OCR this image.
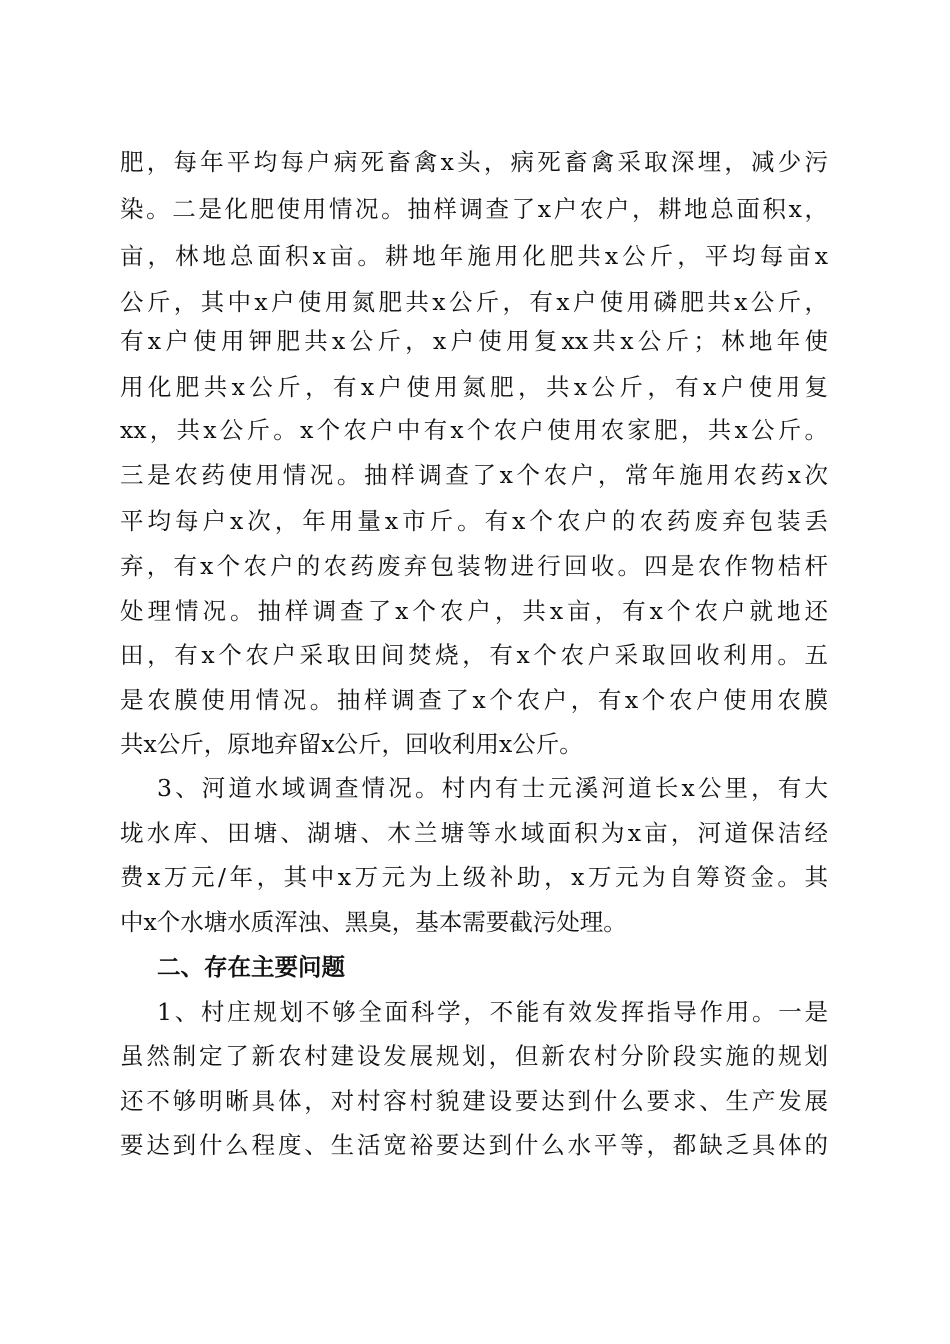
肥，每年平均每户病死畜禽x头，病死畜禽采取深埋，减少污
染。二是化肥使用情况。抽样调查了x户农户，耕地总面积x，
亩，林地总面积x亩。耕地年施用化肥共x公斤，平均每亩x
公斤，其中x户使用氮肥共x公斤，有x户使用磷肥共x公斤，
有x户使用钾肥共x公斤，x户使用复xx共x公斤；林地年使
用化肥共x公斤，有x户使用氮肥，共x公斤，有x户使用复
xx，共x公斤。x个农户中有x个农户使用农家肥，共x公斤。
三是农药使用情况。抽样调查了x个农户，常年施用农药x次
平均每户x次，年用量x市斤。有x个农户的农药废弃包装丢
弃，有x个农户的农药废弃包装物进行回收。四是农作物桔杆
处理情况。抽样调查了x个农户，共x亩，有x个农户就地还
田，有x个农户采取田间焚烧，有x个农户采取回收利用。五
是农膜使用情况。抽样调查了x个农户，有x个农户使用农膜
共x公斤，原地弃留x公斤，回收利用x公斤。
3、河道水域调查情况。村内有士元溪河道长x公里，有大
垅水库、田塘、湖塘、木兰塘等水域面积为x亩，河道保洁经
费x万元/年，其中x万元为上级补助，x万元为自筹资金。其
中x个水塘水质浑浊、黑臭，基本需要截污处理。
二、存在主要问题
1、村庄规划不够全面科学，不能有效发挥指导作用。一是
虽然制定了新农村建设发展规划，但新农村分阶段实施的规划
还不够明晰具体，对村容村貌建设要达到什么要求、生产发展
要达到什么程度、生活宽裕要达到什么水平等，都缺乏具体的
